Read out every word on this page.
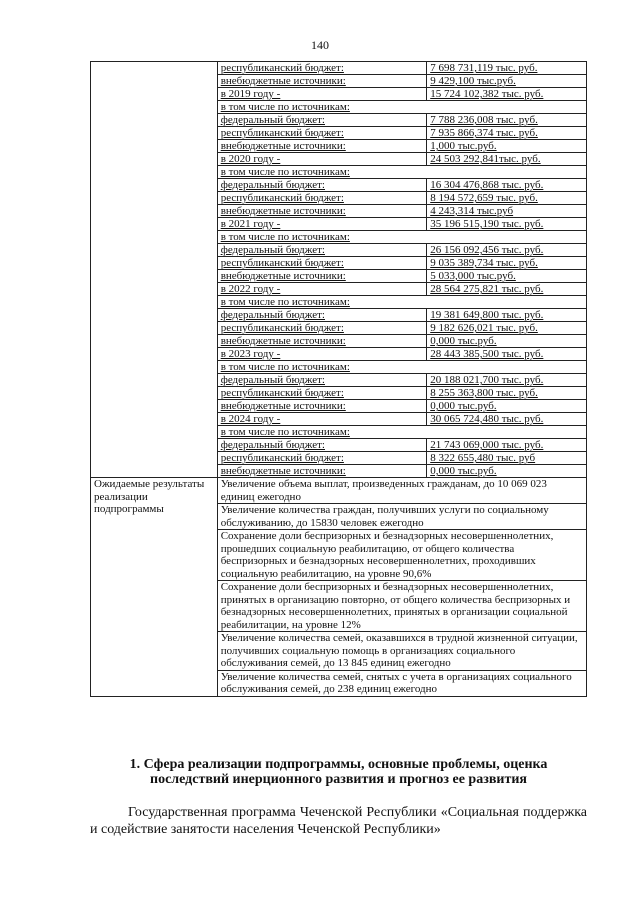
140
	республиканский бюджет:	7 698 731,119 тыс. руб.
	внебюджетные источники:	9 429,100 тыс.руб.
	в 2019 году -	15 724 102,382 тыс. руб.
	в том числе по источникам:	
	федеральный бюджет:	7 788 236,008 тыс. руб.
	республиканский бюджет:	7 935 866,374 тыс. руб.
	внебюджетные источники:	1,000 тыс.руб.
	в 2020 году -	24 503 292,841тыс. руб.
	в том числе по источникам:	
	федеральный бюджет:	16 304 476,868 тыс. руб.
	республиканский бюджет:	8 194 572,659 тыс. руб.
	внебюджетные источники:	4 243,314 тыс.руб
	в 2021 году -	35 196 515,190 тыс. руб.
	в том числе по источникам:	
	федеральный бюджет:	26 156 092,456 тыс. руб.
	республиканский бюджет:	9 035 389,734 тыс. руб.
	внебюджетные источники:	5 033,000 тыс.руб.
	в 2022 году -	28 564 275,821 тыс. руб.
	в том числе по источникам:	
	федеральный бюджет:	19 381 649,800 тыс. руб.
	республиканский бюджет:	9 182 626,021 тыс. руб.
	внебюджетные источники:	0,000 тыс.руб.
	в 2023 году -	28 443 385,500 тыс. руб.
	в том числе по источникам:	
	федеральный бюджет:	20 188 021,700 тыс. руб.
	республиканский бюджет:	8 255 363,800 тыс. руб.
	внебюджетные источники:	0,000 тыс.руб.
	в 2024 году -	30 065 724,480 тыс. руб.
	в том числе по источникам:	
	федеральный бюджет:	21 743 069,000 тыс. руб.
	республиканский бюджет:	8 322 655,480 тыс. руб
	внебюджетные источники:	0,000 тыс.руб.
Ожидаемые результаты реализации подпрограммы	Увеличение объема выплат, произведенных гражданам, до 10 069 023 единиц ежегодно	
	Увеличение количества граждан, получивших услуги по социальному обслуживанию, до 15830 человек ежегодно	
	Сохранение доли беспризорных и безнадзорных несовершеннолетних, прошедших социальную реабилитацию, от общего количества беспризорных и безнадзорных несовершеннолетних, проходивших социальную реабилитацию, на уровне 90,6%	
	Сохранение доли беспризорных и безнадзорных несовершеннолетних, принятых в организацию повторно, от общего количества беспризорных и безнадзорных несовершеннолетних, принятых в организации социальной реабилитации, на уровне 12%	
	Увеличение количества семей, оказавшихся в трудной жизненной ситуации, получивших социальную помощь в организациях социального обслуживания семей, до 13 845 единиц ежегодно	
	Увеличение количества семей, снятых с учета в организациях социального обслуживания семей, до 238 единиц ежегодно	
1. Сфера реализации подпрограммы, основные проблемы, оценка последствий инерционного развития и прогноз ее развития
Государственная программа Чеченской Республики «Социальная поддержка и содействие занятости населения Чеченской Республики»
